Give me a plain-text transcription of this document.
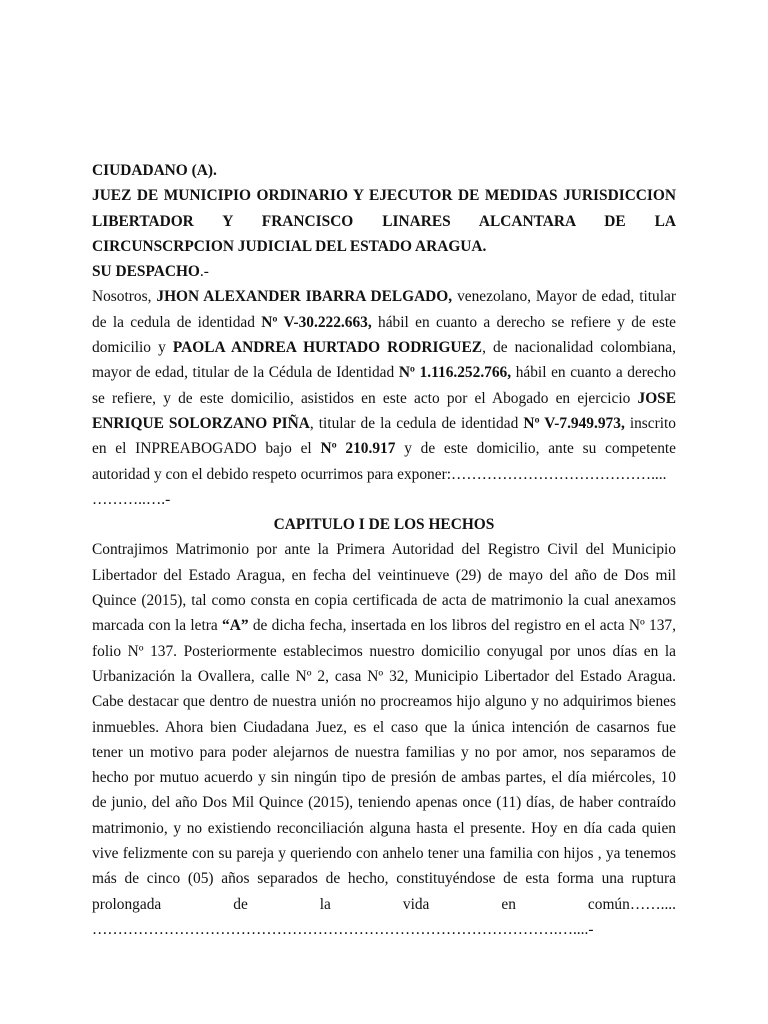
CIUDADANO (A).
JUEZ DE MUNICIPIO ORDINARIO Y EJECUTOR DE MEDIDAS JURISDICCION
LIBERTADOR Y FRANCISCO LINARES ALCANTARA DE LA
CIRCUNSCRPCION JUDICIAL DEL ESTADO ARAGUA.
SU DESPACHO.-
Nosotros, JHON ALEXANDER IBARRA DELGADO, venezolano, Mayor de edad, titular
de la cedula de identidad Nº V-30.222.663, hábil en cuanto a derecho se refiere y de este
domicilio y PAOLA ANDREA HURTADO RODRIGUEZ, de nacionalidad colombiana,
mayor de edad, titular de la Cédula de Identidad Nº 1.116.252.766, hábil en cuanto a derecho
se refiere, y de este domicilio, asistidos en este acto por el Abogado en ejercicio JOSE
ENRIQUE SOLORZANO PIÑA, titular de la cedula de identidad Nº V-7.949.973, inscrito
en el INPREABOGADO bajo el Nº 210.917 y de este domicilio, ante su competente
autoridad y con el debido respeto ocurrimos para exponer:…………………………………....
………..….-
CAPITULO I DE LOS HECHOS
Contrajimos Matrimonio por ante la Primera Autoridad del Registro Civil del Municipio
Libertador del Estado Aragua, en fecha del veintinueve (29) de mayo del año de Dos mil
Quince (2015), tal como consta en copia certificada de acta de matrimonio la cual anexamos
marcada con la letra “A” de dicha fecha, insertada en los libros del registro en el acta Nº 137,
folio Nº 137. Posteriormente establecimos nuestro domicilio conyugal por unos días en la
Urbanización la Ovallera, calle Nº 2, casa Nº 32, Municipio Libertador del Estado Aragua.
Cabe destacar que dentro de nuestra unión no procreamos hijo alguno y no adquirimos bienes
inmuebles. Ahora bien Ciudadana Juez, es el caso que la única intención de casarnos fue
tener un motivo para poder alejarnos de nuestra familias y no por amor, nos separamos de
hecho por mutuo acuerdo y sin ningún tipo de presión de ambas partes, el día miércoles, 10
de junio, del año Dos Mil Quince (2015), teniendo apenas once (11) días, de haber contraído
matrimonio, y no existiendo reconciliación alguna hasta el presente. Hoy en día cada quien
vive felizmente con su pareja y queriendo con anhelo tener una familia con hijos , ya tenemos
más de cinco (05) años separados de hecho, constituyéndose de esta forma una ruptura
prolongada de la vida en común……....
……………………………………………………………………………….…....-
